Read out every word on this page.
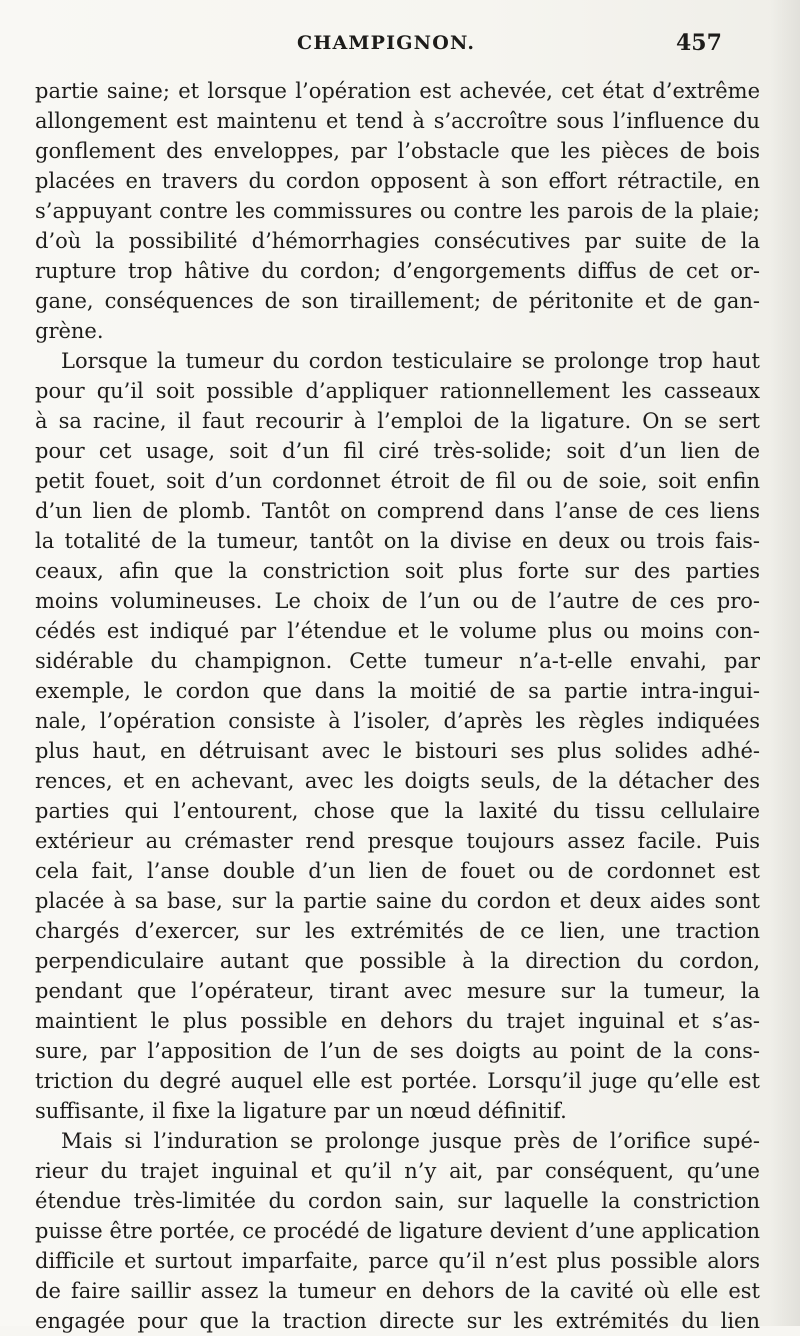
CHAMPIGNON.	457
partie saine; et lorsque l’opération est achevée, cet état d’extrême
allongement est maintenu et tend à s’accroître sous l’influence du
gonflement des enveloppes, par l’obstacle que les pièces de bois
placées en travers du cordon opposent à son effort rétractile, en
s’appuyant contre les commissures ou contre les parois de la plaie;
d’où la possibilité d’hémorrhagies consécutives par suite de la
rupture trop hâtive du cordon; d’engorgements diffus de cet or-
gane, conséquences de son tiraillement; de péritonite et de gan-
grène.
Lorsque la tumeur du cordon testiculaire se prolonge trop haut
pour qu’il soit possible d’appliquer rationnellement les casseaux
à sa racine, il faut recourir à l’emploi de la ligature. On se sert
pour cet usage, soit d’un fil ciré très-solide; soit d’un lien de
petit fouet, soit d’un cordonnet étroit de fil ou de soie, soit enfin
d’un lien de plomb. Tantôt on comprend dans l’anse de ces liens
la totalité de la tumeur, tantôt on la divise en deux ou trois fais-
ceaux, afin que la constriction soit plus forte sur des parties
moins volumineuses. Le choix de l’un ou de l’autre de ces pro-
cédés est indiqué par l’étendue et le volume plus ou moins con-
sidérable du champignon. Cette tumeur n’a-t-elle envahi, par
exemple, le cordon que dans la moitié de sa partie intra-ingui-
nale, l’opération consiste à l’isoler, d’après les règles indiquées
plus haut, en détruisant avec le bistouri ses plus solides adhé-
rences, et en achevant, avec les doigts seuls, de la détacher des
parties qui l’entourent, chose que la laxité du tissu cellulaire
extérieur au crémaster rend presque toujours assez facile. Puis
cela fait, l’anse double d’un lien de fouet ou de cordonnet est
placée à sa base, sur la partie saine du cordon et deux aides sont
chargés d’exercer, sur les extrémités de ce lien, une traction
perpendiculaire autant que possible à la direction du cordon,
pendant que l’opérateur, tirant avec mesure sur la tumeur, la
maintient le plus possible en dehors du trajet inguinal et s’as-
sure, par l’apposition de l’un de ses doigts au point de la cons-
triction du degré auquel elle est portée. Lorsqu’il juge qu’elle est
suffisante, il fixe la ligature par un nœud définitif.
Mais si l’induration se prolonge jusque près de l’orifice supé-
rieur du trajet inguinal et qu’il n’y ait, par conséquent, qu’une
étendue très-limitée du cordon sain, sur laquelle la constriction
puisse être portée, ce procédé de ligature devient d’une application
difficile et surtout imparfaite, parce qu’il n’est plus possible alors
de faire saillir assez la tumeur en dehors de la cavité où elle est
engagée pour que la traction directe sur les extrémités du lien
